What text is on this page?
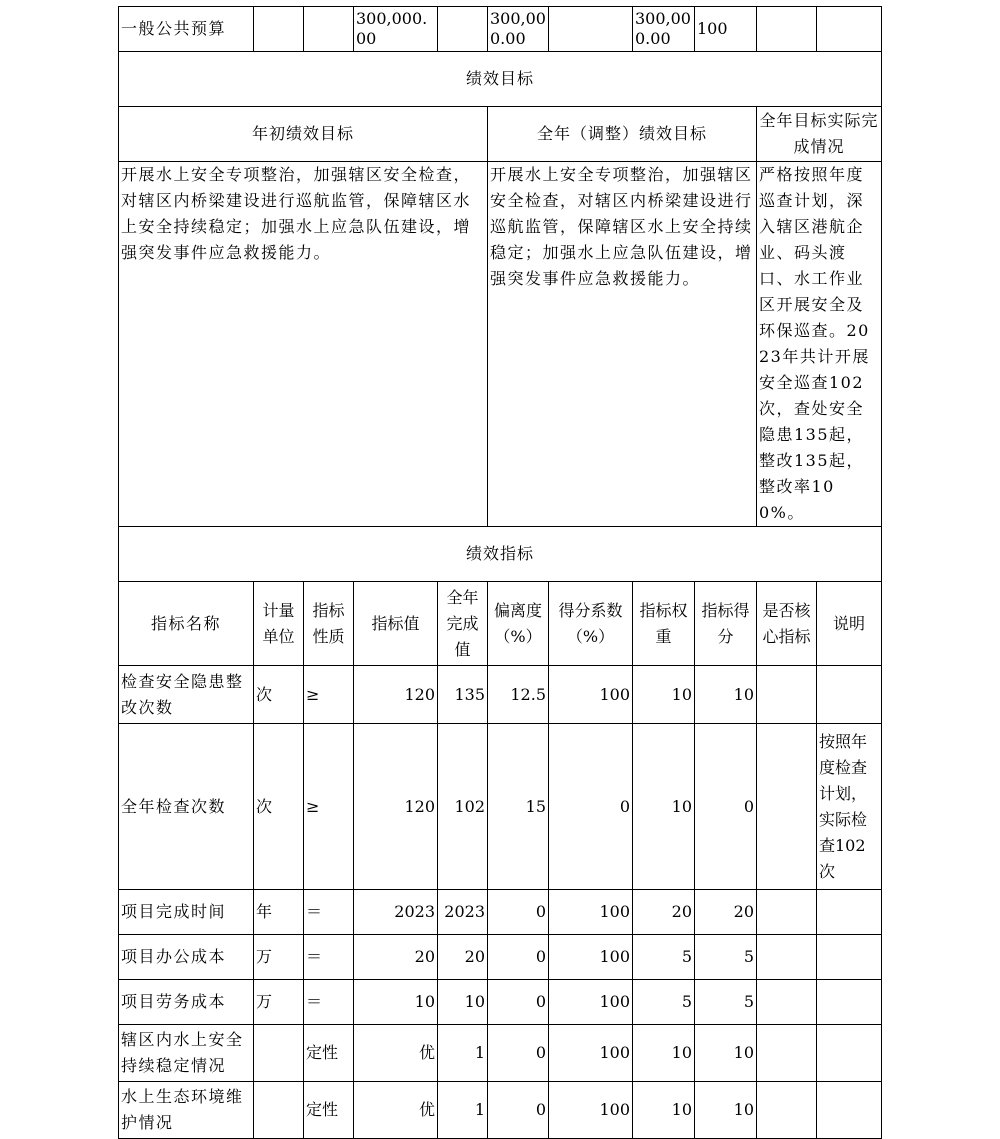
一般公共预算			300,000.00		300,000.00		300,000.00	100		
绩效目标										
年初绩效目标					全年（调整）绩效目标				全年目标实际完成情况	
开展水上安全专项整治，加强辖区安全检查，对辖区内桥梁建设进行巡航监管，保障辖区水上安全持续稳定；加强水上应急队伍建设，增强突发事件应急救援能力。					开展水上安全专项整治，加强辖区安全检查，对辖区内桥梁建设进行巡航监管，保障辖区水上安全持续稳定；加强水上应急队伍建设，增强突发事件应急救援能力。				严格按照年度巡查计划，深入辖区港航企业、码头渡口、水工作业区开展安全及环保巡查。2023年共计开展安全巡查102次，查处安全隐患135起，整改135起，整改率100%。	
绩效指标										
指标名称	计量单位	指标性质	指标值	全年完成值	偏离度（%）	得分系数（%）	指标权重	指标得分	是否核心指标	说明
检查安全隐患整改次数	次	≥	120	135	12.5	100	10	10		
全年检查次数	次	≥	120	102	15	0	10	0		按照年度检查计划，实际检查102次
项目完成时间	年	＝	2023	2023	0	100	20	20		
项目办公成本	万	＝	20	20	0	100	5	5		
项目劳务成本	万	＝	10	10	0	100	5	5		
辖区内水上安全持续稳定情况		定性	优	1	0	100	10	10		
水上生态环境维护情况		定性	优	1	0	100	10	10		
